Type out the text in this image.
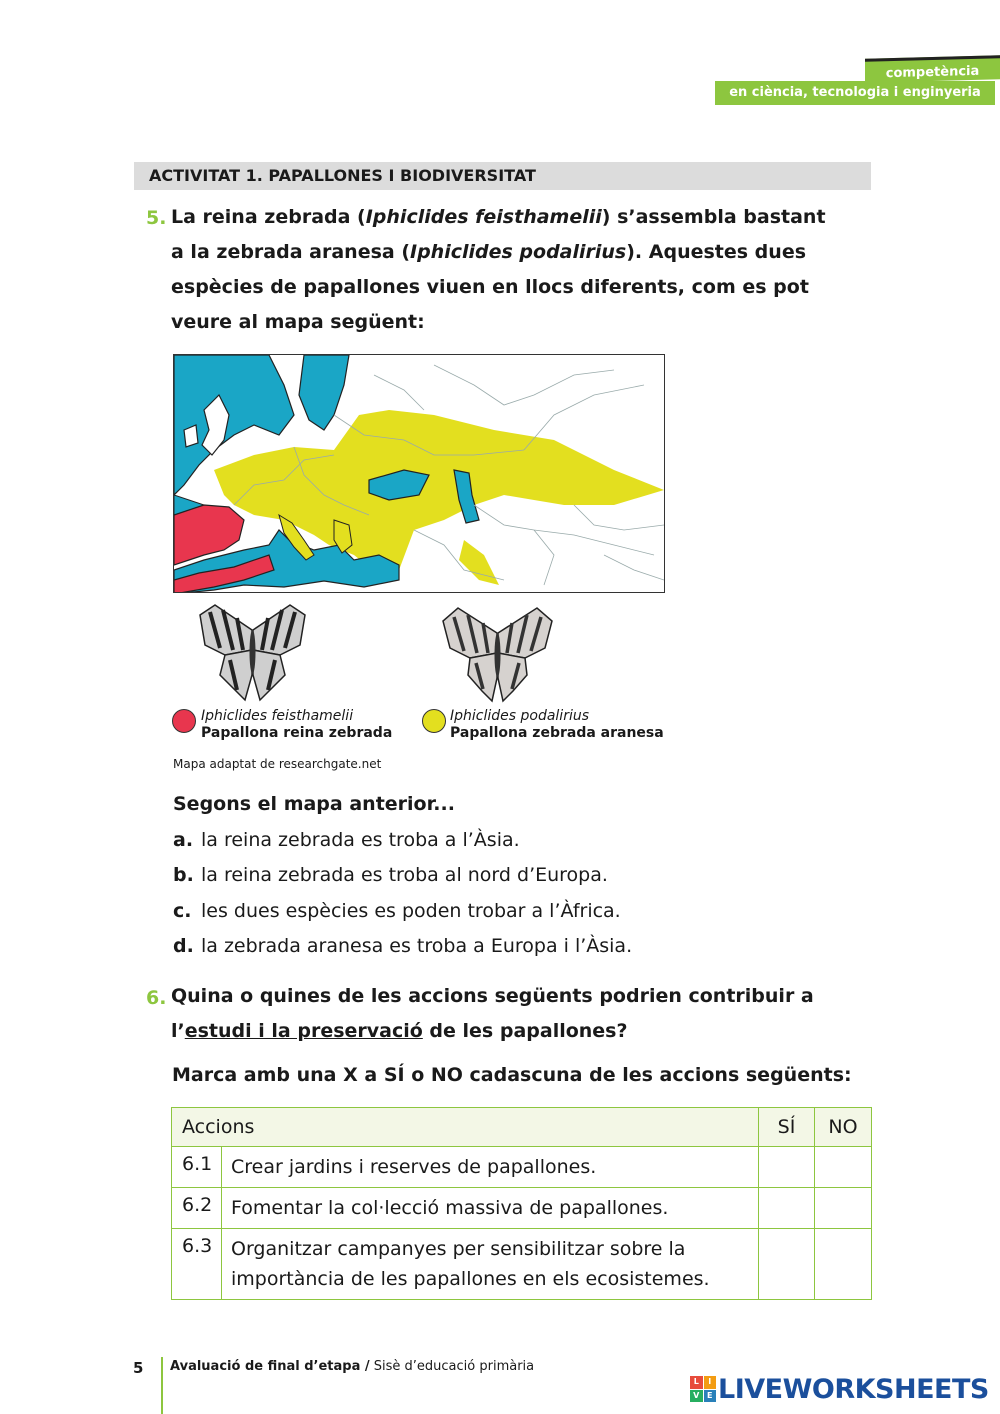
competència
en ciència, tecnologia i enginyeria
ACTIVITAT 1. PAPALLONES I BIODIVERSITAT
5. La reina zebrada (Iphiclides feisthamelii) s’assembla bastant
a la zebrada aranesa (Iphiclides podalirius). Aquestes dues
espècies de papallones viuen en llocs diferents, com es pot
veure al mapa següent:
Iphiclides feisthamelii
Papallona reina zebrada
Iphiclides podalirius
Papallona zebrada aranesa
Mapa adaptat de researchgate.net
Segons el mapa anterior...
a. la reina zebrada es troba a l’Àsia.
b. la reina zebrada es troba al nord d’Europa.
c. les dues espècies es poden trobar a l’Àfrica.
d. la zebrada aranesa es troba a Europa i l’Àsia.
6. Quina o quines de les accions següents podrien contribuir a
l’estudi i la preservació de les papallones?
Marca amb una X a SÍ o NO cadascuna de les accions següents:
Accions		SÍ	NO
6.1	Crear jardins i reserves de papallones.		
6.2	Fomentar la col·lecció massiva de papallones.		
6.3	Organitzar campanyes per sensibilitzar sobre la importància de les papallones en els ecosistemes.		
5 Avaluació de final d’etapa / Sisè d’educació primària
L	I
V E LIVEWORKSHEETS
